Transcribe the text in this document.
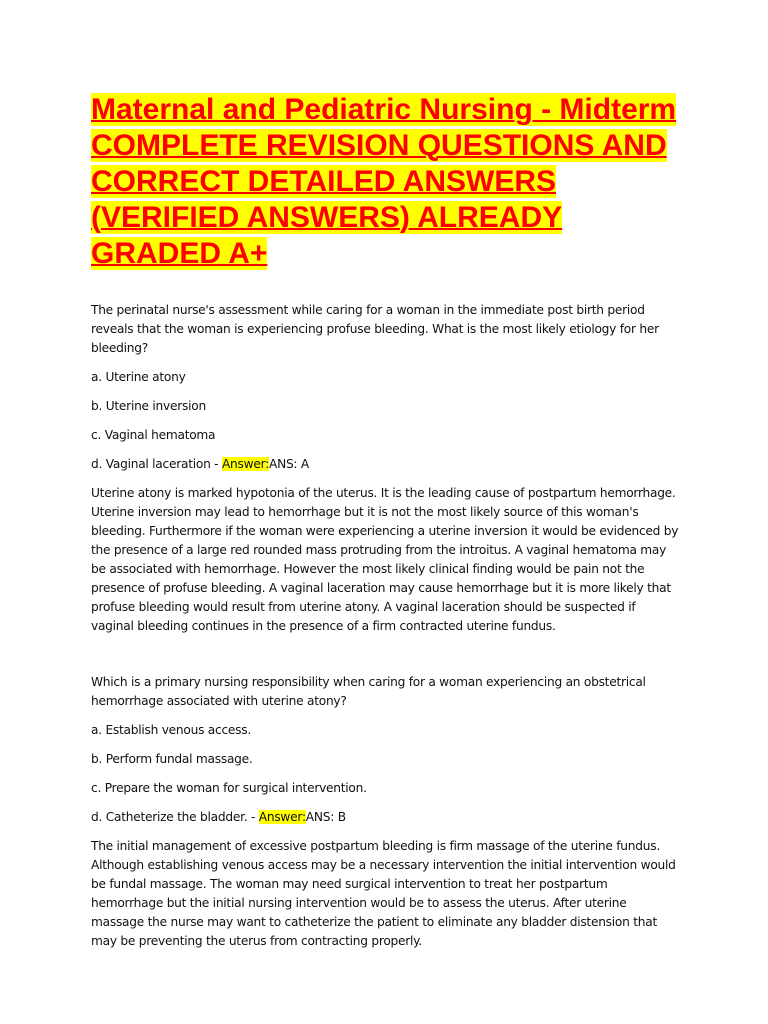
Maternal and Pediatric Nursing - Midterm COMPLETE REVISION QUESTIONS AND CORRECT DETAILED ANSWERS (VERIFIED ANSWERS) ALREADY GRADED A+

The perinatal nurse's assessment while caring for a woman in the immediate post birth period reveals that the woman is experiencing profuse bleeding. What is the most likely etiology for her bleeding?

a. Uterine atony

b. Uterine inversion

c. Vaginal hematoma

d. Vaginal laceration - Answer:ANS: A

Uterine atony is marked hypotonia of the uterus. It is the leading cause of postpartum hemorrhage. Uterine inversion may lead to hemorrhage but it is not the most likely source of this woman's bleeding. Furthermore if the woman were experiencing a uterine inversion it would be evidenced by the presence of a large red rounded mass protruding from the introitus. A vaginal hematoma may be associated with hemorrhage. However the most likely clinical finding would be pain not the presence of profuse bleeding. A vaginal laceration may cause hemorrhage but it is more likely that profuse bleeding would result from uterine atony. A vaginal laceration should be suspected if vaginal bleeding continues in the presence of a firm contracted uterine fundus.

Which is a primary nursing responsibility when caring for a woman experiencing an obstetrical hemorrhage associated with uterine atony?

a. Establish venous access.

b. Perform fundal massage.

c. Prepare the woman for surgical intervention.

d. Catheterize the bladder. - Answer:ANS: B

The initial management of excessive postpartum bleeding is firm massage of the uterine fundus. Although establishing venous access may be a necessary intervention the initial intervention would be fundal massage. The woman may need surgical intervention to treat her postpartum hemorrhage but the initial nursing intervention would be to assess the uterus. After uterine massage the nurse may want to catheterize the patient to eliminate any bladder distension that may be preventing the uterus from contracting properly.
